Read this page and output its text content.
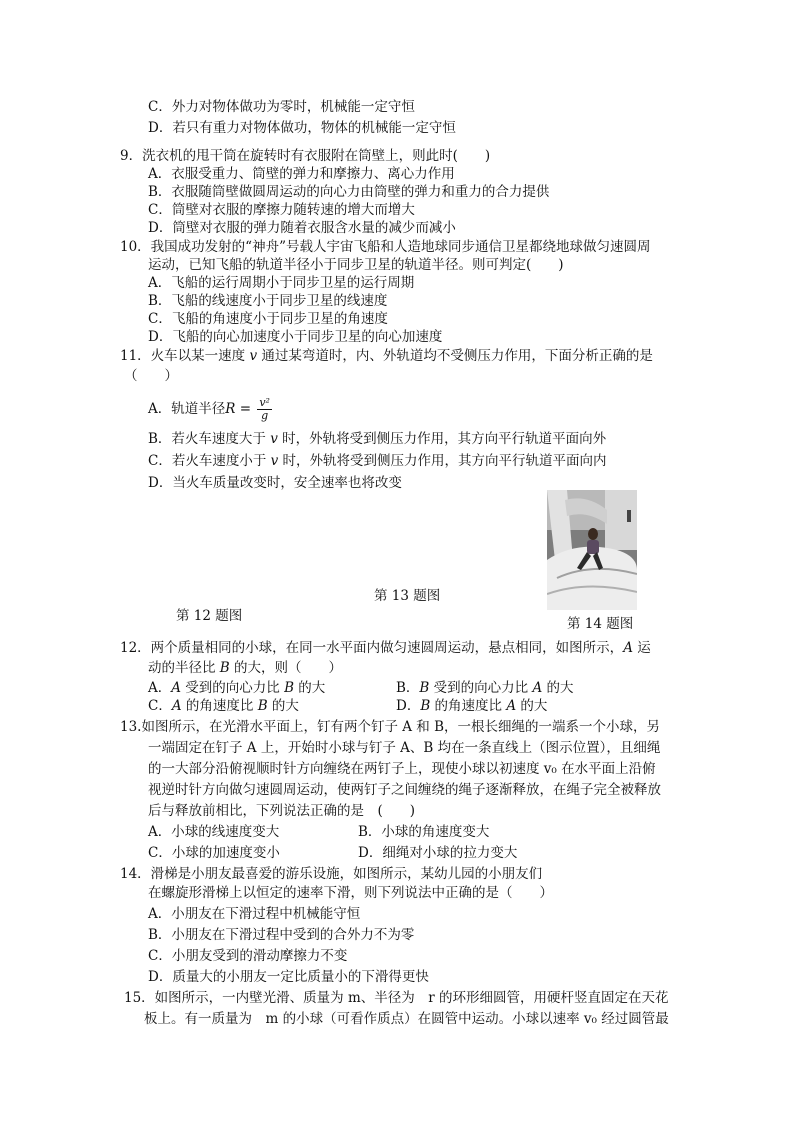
C．外力对物体做功为零时，机械能一定守恒
D．若只有重力对物体做功，物体的机械能一定守恒
9．洗衣机的甩干筒在旋转时有衣服附在筒壁上，则此时(　　)
A．衣服受重力、筒壁的弹力和摩擦力、离心力作用
B．衣服随筒壁做圆周运动的向心力由筒壁的弹力和重力的合力提供
C．筒壁对衣服的摩擦力随转速的增大而增大
D．筒壁对衣服的弹力随着衣服含水量的减少而减小
10．我国成功发射的“神舟”号载人宇宙飞船和人造地球同步通信卫星都绕地球做匀速圆周
运动，已知飞船的轨道半径小于同步卫星的轨道半径。则可判定(　　)
A．飞船的运行周期小于同步卫星的运行周期
B．飞船的线速度小于同步卫星的线速度
C．飞船的角速度小于同步卫星的角速度
D．飞船的向心加速度小于同步卫星的向心加速度
11．火车以某一速度 v 通过某弯道时，内、外轨道均不受侧压力作用，下面分析正确的是
（　　）
A．轨道半径$R = \frac{\text{v²}}{g}$
B．若火车速度大于 v 时，外轨将受到侧压力作用，其方向平行轨道平面向外
C．若火车速度小于 v 时，外轨将受到侧压力作用，其方向平行轨道平面向内
D．当火车质量改变时，安全速率也将改变
第 13 题图
第 12 题图	第 14 题图
12．两个质量相同的小球，在同一水平面内做匀速圆周运动，悬点相同，如图所示，A 运
动的半径比 B 的大，则（　　）
A．A 受到的向心力比 B 的大	B．B 受到的向心力比 A 的大
C．A 的角速度比 B 的大	D．B 的角速度比 A 的大
13.如图所示，在光滑水平面上，钉有两个钉子 A 和 B，一根长细绳的一端系一个小球，另
一端固定在钉子 A 上，开始时小球与钉子 A、B 均在一条直线上（图示位置），且细绳
的一大部分沿俯视顺时针方向缠绕在两钉子上，现使小球以初速度 v₀ 在水平面上沿俯
视逆时针方向做匀速圆周运动，使两钉子之间缠绕的绳子逐渐释放，在绳子完全被释放
后与释放前相比，下列说法正确的是　(　　)
A．小球的线速度变大	B．小球的角速度变大
C．小球的加速度变小	D．细绳对小球的拉力变大
14．滑梯是小朋友最喜爱的游乐设施，如图所示，某幼儿园的小朋友们
在螺旋形滑梯上以恒定的速率下滑，则下列说法中正确的是（　　）
A．小朋友在下滑过程中机械能守恒
B．小朋友在下滑过程中受到的合外力不为零
C．小朋友受到的滑动摩擦力不变
D．质量大的小朋友一定比质量小的下滑得更快
15．如图所示，一内壁光滑、质量为 m、半径为　r 的环形细圆管，用硬杆竖直固定在天花
板上。有一质量为　m 的小球（可看作质点）在圆管中运动。小球以速率 v₀ 经过圆管最
